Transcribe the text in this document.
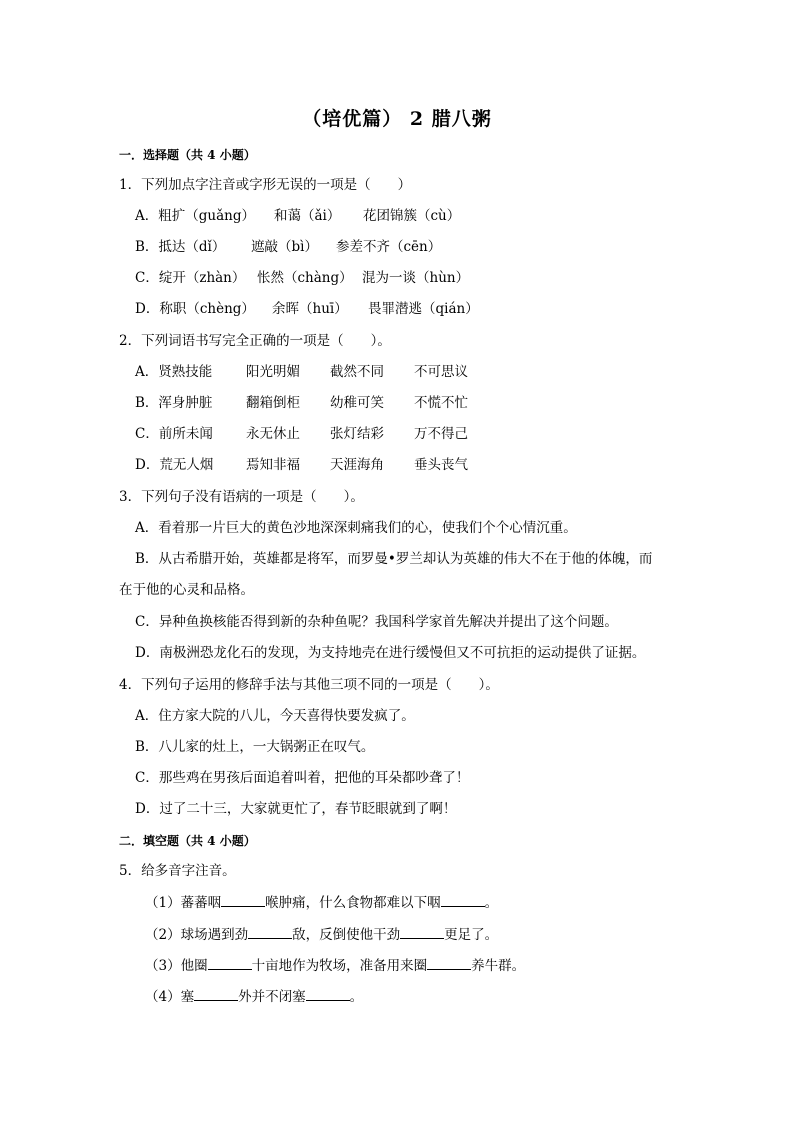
（培优篇） 2 腊八粥
一．选择题（共 4 小题）
1．下列加点字注音或字形无误的一项是（　　）
A．粗扩（guǎng） 和蔼（ǎi） 花团锦簇（cù）
B．抵达（dǐ） 遮敲（bì） 参差不齐（cēn）
C．绽开（zhàn） 怅然（chàng） 混为一谈（hùn）
D．称职（chèng） 余晖（huī） 畏罪潜逃（qián）
2．下列词语书写完全正确的一项是（　　）。
A．贤熟技能	阳光明媚 截然不同 不可思议
B．浑身肿脏 翻箱倒柜 幼稚可笑 不慌不忙
C．前所未闻 永无休止 张灯结彩 万不得己
D．荒无人烟 焉知非福 天涯海角 垂头丧气
3．下列句子没有语病的一项是（　　）。
A．看着那一片巨大的黄色沙地深深刺痛我们的心，使我们个个心情沉重。
B．从古希腊开始，英雄都是将军，而罗曼•罗兰却认为英雄的伟大不在于他的体魄，而
在于他的心灵和品格。
C．异种鱼换核能否得到新的杂种鱼呢？我国科学家首先解决并提出了这个问题。
D．南极洲恐龙化石的发现，为支持地壳在进行缓慢但又不可抗拒的运动提供了证据。
4．下列句子运用的修辞手法与其他三项不同的一项是（　　）。
A．住方家大院的八儿，今天喜得快要发疯了。
B．八儿家的灶上，一大锅粥正在叹气。
C．那些鸡在男孩后面追着叫着，把他的耳朵都吵聋了！
D．过了二十三，大家就更忙了，春节眨眼就到了啊！
二．填空题（共 4 小题）
5．给多音字注音。
（1）蕃蕃咽	喉肿痛，什么食物都难以下咽	。
（2）球场遇到劲	敌，反倒使他干劲	更足了。
（3）他圈	十亩地作为牧场，准备用来圈	养牛群。
（4）塞	外并不闭塞	。
